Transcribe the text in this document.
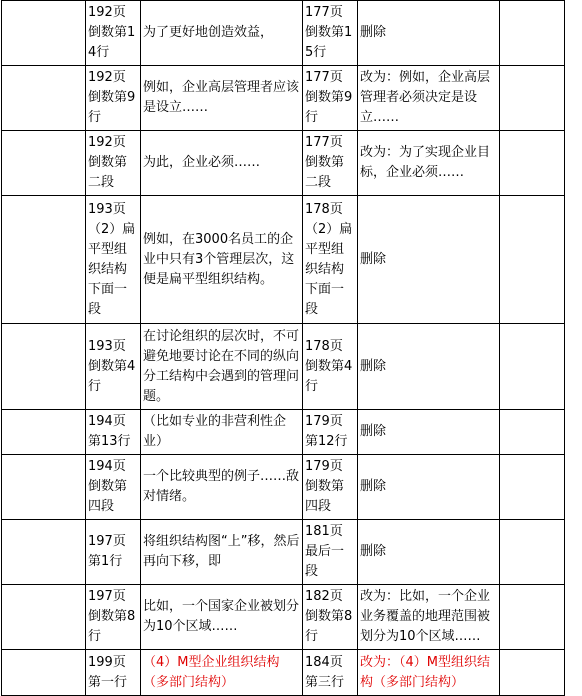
	192页倒数第14行	为了更好地创造效益，	177页倒数第15行	删除	
	192页倒数第9行	例如，企业高层管理者应该是设立……	177页倒数第9行	改为：例如，企业高层管理者必须决定是设立……	
	192页倒数第二段	为此，企业必须……	177页倒数第二段	改为：为了实现企业目标，企业必须……	
	193页（2）扁平型组织结构下面一段	例如，在3000名员工的企业中只有3个管理层次，这便是扁平型组织结构。	178页（2）扁平型组织结构下面一段	删除	
	193页倒数第4行	在讨论组织的层次时，不可避免地要讨论在不同的纵向分工结构中会遇到的管理问题。	178页倒数第4行	删除	
	194页第13行	（比如专业的非营利性企业）	179页第12行	删除	
	194页倒数第四段	一个比较典型的例子……敌对情绪。	179页倒数第四段	删除	
	197页第1行	将组织结构图“上”移，然后再向下移，即	181页最后一段	删除	
	197页倒数第8行	比如，一个国家企业被划分为10个区域……	182页倒数第8行	改为：比如，一个企业业务覆盖的地理范围被划分为10个区域……	
	199页第一行	（4）M型企业组织结构（多部门结构）	184页第三行	改为：（4）M型组织结构（多部门结构）	
